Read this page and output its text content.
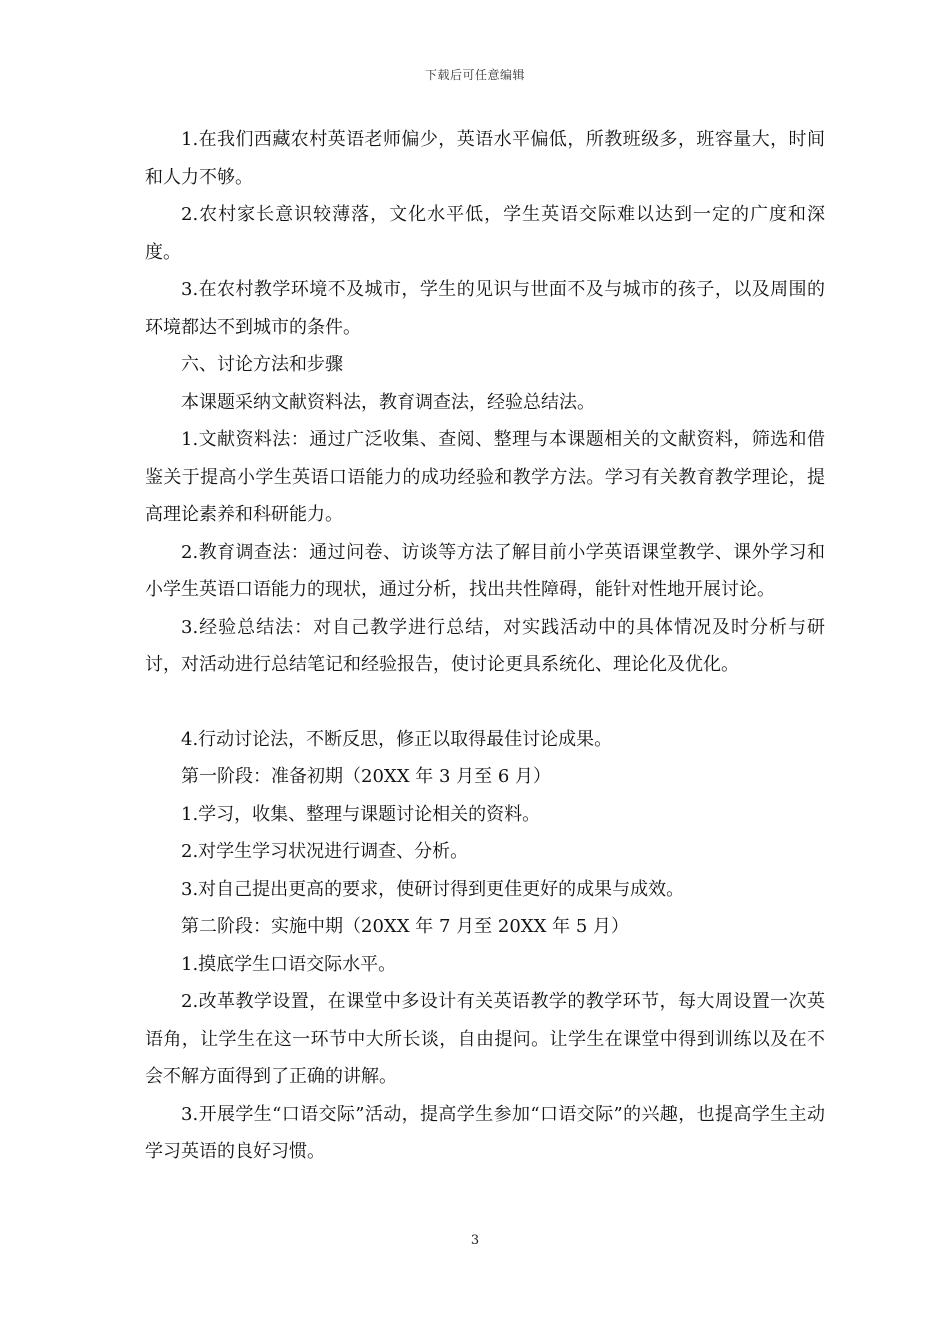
下载后可任意编辑

1.在我们西藏农村英语老师偏少，英语水平偏低，所教班级多，班容量大，时间和人力不够。

2.农村家长意识较薄落，文化水平低，学生英语交际难以达到一定的广度和深度。

3.在农村教学环境不及城市，学生的见识与世面不及与城市的孩子，以及周围的环境都达不到城市的条件。

六、讨论方法和步骤

本课题采纳文献资料法，教育调查法，经验总结法。

1.文献资料法：通过广泛收集、查阅、整理与本课题相关的文献资料，筛选和借鉴关于提高小学生英语口语能力的成功经验和教学方法。学习有关教育教学理论，提高理论素养和科研能力。

2.教育调查法：通过问卷、访谈等方法了解目前小学英语课堂教学、课外学习和小学生英语口语能力的现状，通过分析，找出共性障碍，能针对性地开展讨论。

3.经验总结法：对自己教学进行总结，对实践活动中的具体情况及时分析与研讨，对活动进行总结笔记和经验报告，使讨论更具系统化、理论化及优化。

4.行动讨论法，不断反思，修正以取得最佳讨论成果。

第一阶段：准备初期（20XX 年 3 月至 6 月）

1.学习，收集、整理与课题讨论相关的资料。

2.对学生学习状况进行调查、分析。

3.对自己提出更高的要求，使研讨得到更佳更好的成果与成效。

第二阶段：实施中期（20XX 年 7 月至 20XX 年 5 月）

1.摸底学生口语交际水平。

2.改革教学设置，在课堂中多设计有关英语教学的教学环节，每大周设置一次英语角，让学生在这一环节中大所长谈，自由提问。让学生在课堂中得到训练以及在不会不解方面得到了正确的讲解。

3.开展学生“口语交际”活动，提高学生参加“口语交际”的兴趣，也提高学生主动学习英语的良好习惯。

3
